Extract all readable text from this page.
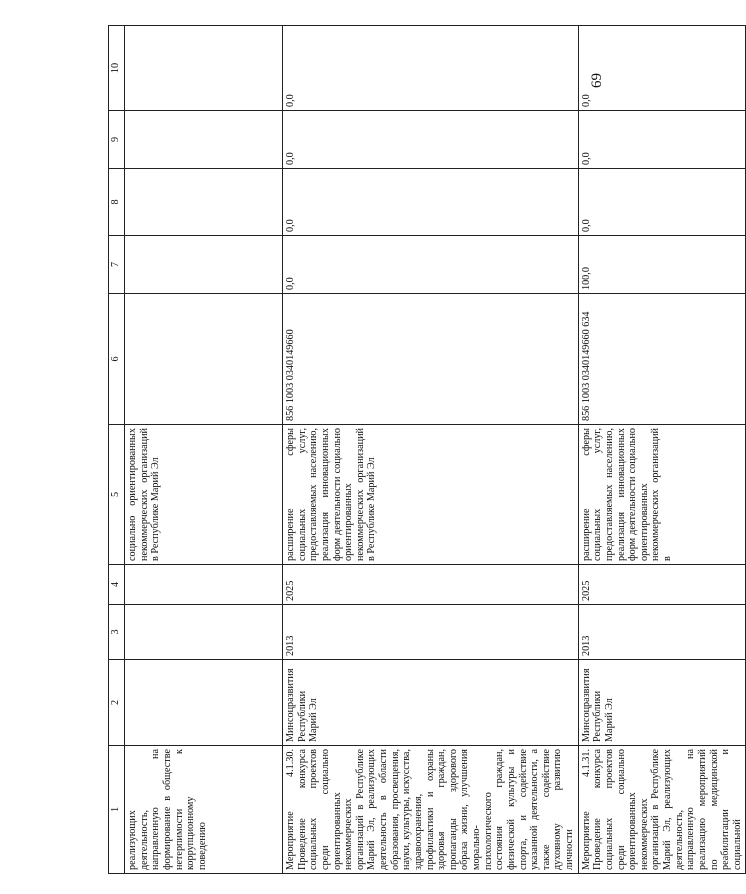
69
1	2	3	4	5	6	7	8	9	10
реализующих деятельность, направленную на формирование в обществе нетерпимости к коррупционному поведению				социально ориентированных некоммерческих организаций в Республике Марий Эл					
Мероприятие 4.1.30. Проведение конкурса социальных проектов среди социально ориентированных некоммерческих организаций в Республике Марий Эл, реализующих деятельность в области образования, просвещения, науки, культуры, искусства, здравоохранения, профилактики и охраны здоровья граждан, пропаганды здорового образа жизни, улучшения морально-психологического состояния граждан, физической культуры и спорта, и содействие указанной деятельности, а также содействие духовному развитию личности	Минсоцразвития Республики Марий Эл	2013	2025	расширение сферы социальных услуг, предоставляемых населению, реализация инновационных форм деятельности социально ориентированных некоммерческих организаций в Республике Марий Эл	856 1003 0340149660	0,0	0,0	0,0	0,0
Мероприятие 4.1.31. Проведение конкурса социальных проектов среди социально ориентированных некоммерческих организаций в Республике Марий Эл, реализующих деятельность, направленную на реализацию мероприятий по медицинской реабилитации и социальной	Минсоцразвития Республики Марий Эл	2013	2025	расширение сферы социальных услуг, предоставляемых населению, реализация инновационных форм деятельности социально ориентированных некоммерческих организаций в	856 1003 0340149660 634	100,0	0,0	0,0	0,0
